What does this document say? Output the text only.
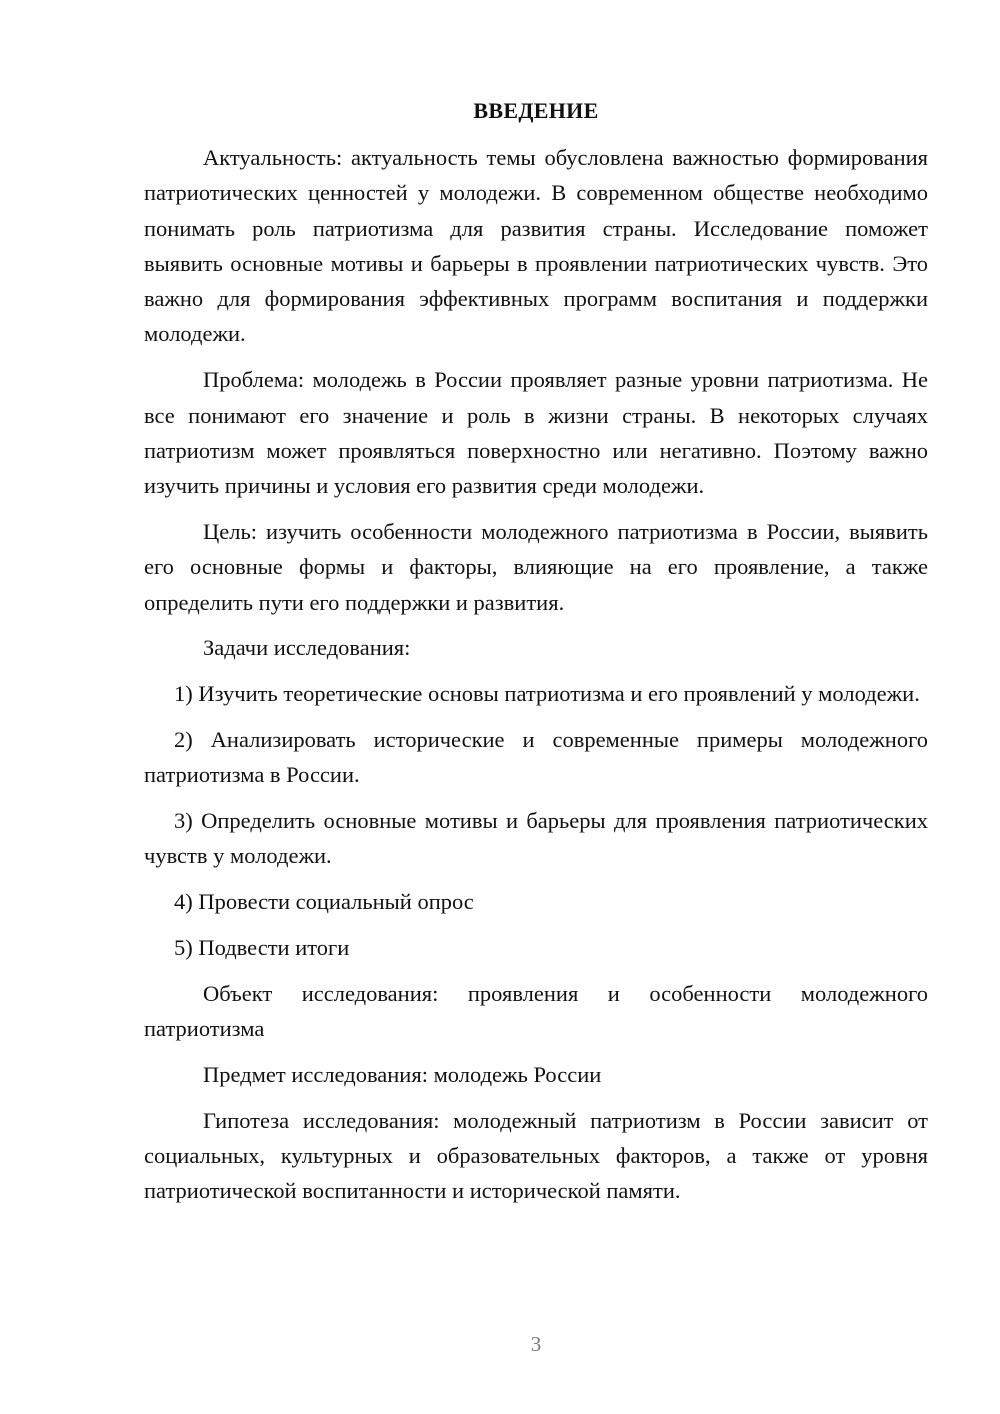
ВВЕДЕНИЕ

Актуальность: актуальность темы обусловлена важностью формирования патриотических ценностей у молодежи. В современном обществе необходимо понимать роль патриотизма для развития страны. Исследование поможет выявить основные мотивы и барьеры в проявлении патриотических чувств. Это важно для формирования эффективных программ воспитания и поддержки молодежи.

Проблема: молодежь в России проявляет разные уровни патриотизма. Не все понимают его значение и роль в жизни страны. В некоторых случаях патриотизм может проявляться поверхностно или негативно. Поэтому важно изучить причины и условия его развития среди молодежи.

Цель: изучить особенности молодежного патриотизма в России, выявить его основные формы и факторы, влияющие на его проявление, а также определить пути его поддержки и развития.

Задачи исследования:

1) Изучить теоретические основы патриотизма и его проявлений у молодежи.

2) Анализировать исторические и современные примеры молодежного патриотизма в России.

3) Определить основные мотивы и барьеры для проявления патриотических чувств у молодежи.

4) Провести социальный опрос

5) Подвести итоги

Объект исследования: проявления и особенности молодежного патриотизма

Предмет исследования: молодежь России

Гипотеза исследования: молодежный патриотизм в России зависит от социальных, культурных и образовательных факторов, а также от уровня патриотической воспитанности и исторической памяти.

3
